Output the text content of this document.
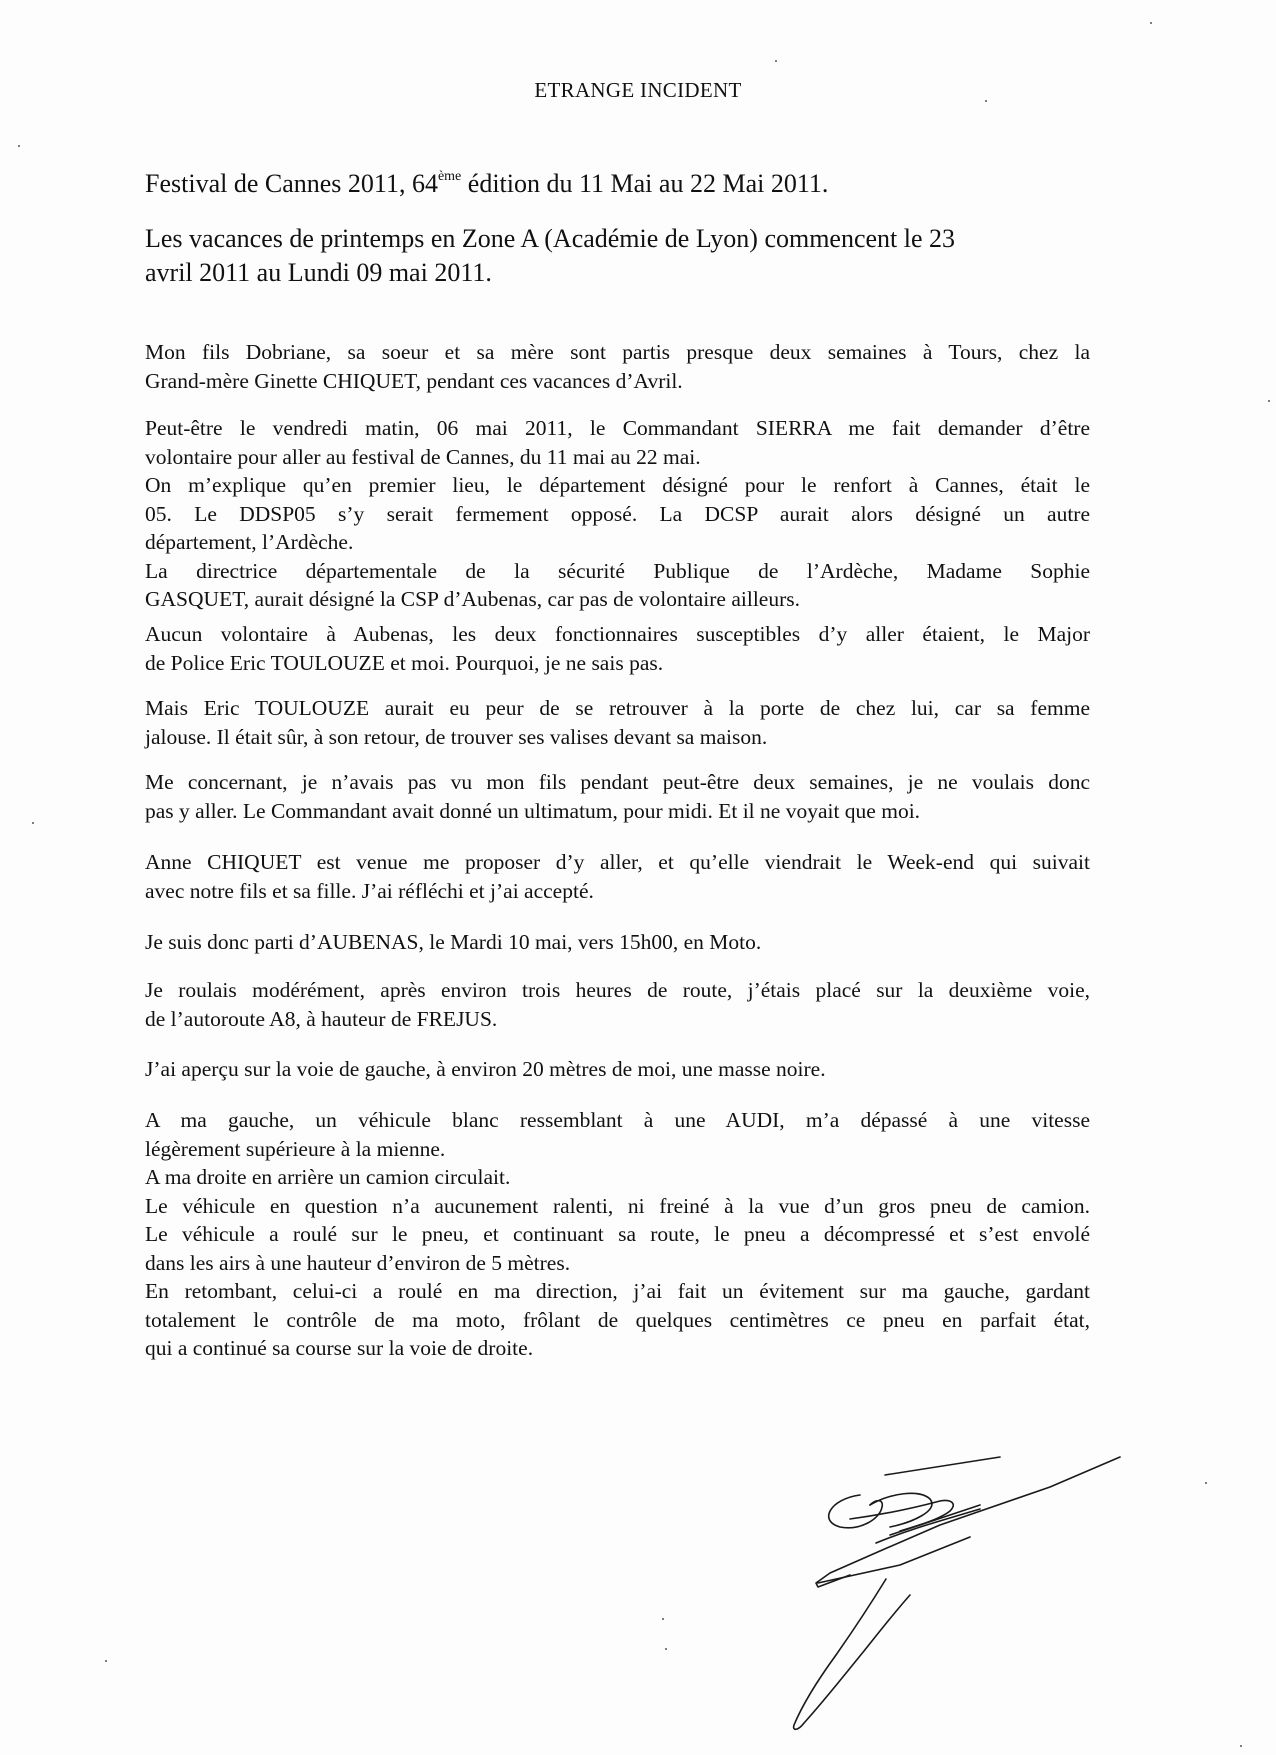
ETRANGE INCIDENT
Festival de Cannes 2011, 64ème édition du 11 Mai au 22 Mai 2011.
Les vacances de printemps en Zone A (Académie de Lyon) commencent le 23
avril 2011 au Lundi 09 mai 2011.
Mon fils Dobriane, sa soeur et sa mère sont partis presque deux semaines à Tours, chez la
Grand-mère Ginette CHIQUET, pendant ces vacances d’Avril.
Peut-être le vendredi matin, 06 mai 2011, le Commandant SIERRA me fait demander d’être
volontaire pour aller au festival de Cannes, du 11 mai au 22 mai.
On m’explique qu’en premier lieu, le département désigné pour le renfort à Cannes, était le
05. Le DDSP05 s’y serait fermement opposé. La DCSP aurait alors désigné un autre
département, l’Ardèche.
La directrice départementale de la sécurité Publique de l’Ardèche, Madame Sophie
GASQUET, aurait désigné la CSP d’Aubenas, car pas de volontaire ailleurs.
Aucun volontaire à Aubenas, les deux fonctionnaires susceptibles d’y aller étaient, le Major
de Police Eric TOULOUZE et moi. Pourquoi, je ne sais pas.
Mais Eric TOULOUZE aurait eu peur de se retrouver à la porte de chez lui, car sa femme
jalouse. Il était sûr, à son retour, de trouver ses valises devant sa maison.
Me concernant, je n’avais pas vu mon fils pendant peut-être deux semaines, je ne voulais donc
pas y aller. Le Commandant avait donné un ultimatum, pour midi. Et il ne voyait que moi.
Anne CHIQUET est venue me proposer d’y aller, et qu’elle viendrait le Week-end qui suivait
avec notre fils et sa fille. J’ai réfléchi et j’ai accepté.
Je suis donc parti d’AUBENAS, le Mardi 10 mai, vers 15h00, en Moto.
Je roulais modérément, après environ trois heures de route, j’étais placé sur la deuxième voie,
de l’autoroute A8, à hauteur de FREJUS.
J’ai aperçu sur la voie de gauche, à environ 20 mètres de moi, une masse noire.
A ma gauche, un véhicule blanc ressemblant à une AUDI, m’a dépassé à une vitesse
légèrement supérieure à la mienne.
A ma droite en arrière un camion circulait.
Le véhicule en question n’a aucunement ralenti, ni freiné à la vue d’un gros pneu de camion.
Le véhicule a roulé sur le pneu, et continuant sa route, le pneu a décompressé et s’est envolé
dans les airs à une hauteur d’environ de 5 mètres.
En retombant, celui-ci a roulé en ma direction, j’ai fait un évitement sur ma gauche, gardant
totalement le contrôle de ma moto, frôlant de quelques centimètres ce pneu en parfait état,
qui a continué sa course sur la voie de droite.
